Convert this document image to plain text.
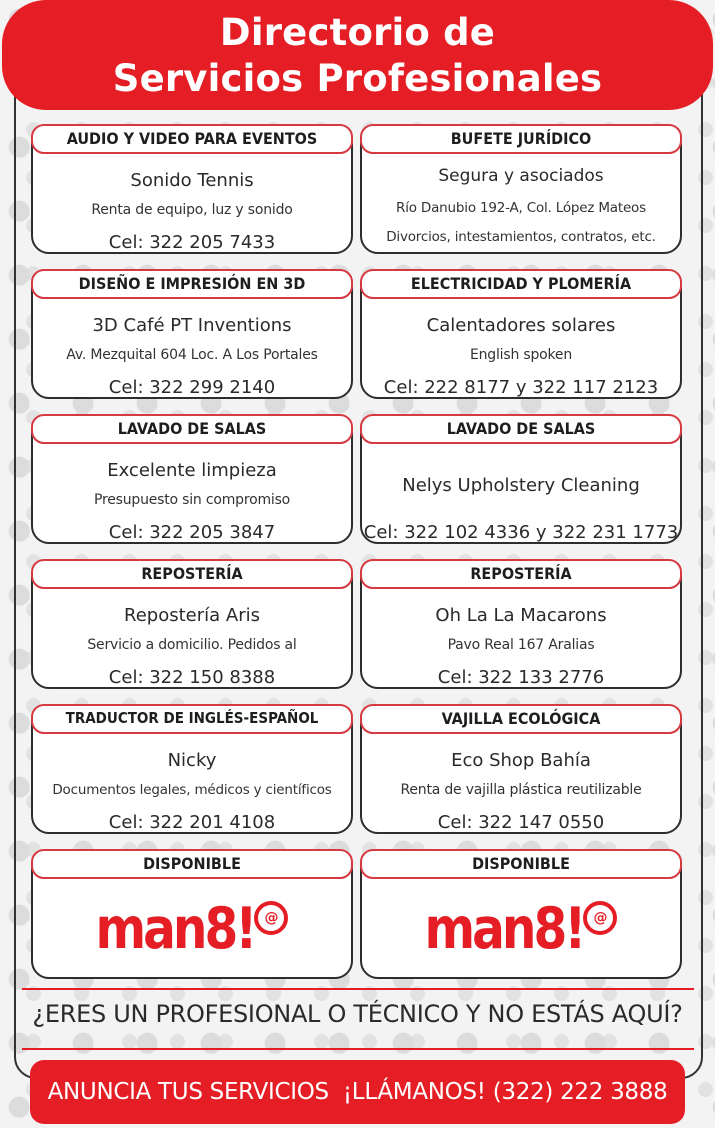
Directorio de
Servicios Profesionales
AUDIO Y VIDEO PARA EVENTOS
Sonido Tennis
Renta de equipo, luz y sonido
Cel: 322 205 7433
BUFETE JURÍDICO
Segura y asociados
Río Danubio 192-A, Col. López Mateos
Divorcios, intestamientos, contratos, etc.
DISEÑO E IMPRESIÓN EN 3D
3D Café PT Inventions
Av. Mezquital 604 Loc. A Los Portales
Cel: 322 299 2140
ELECTRICIDAD Y PLOMERÍA
Calentadores solares
English spoken
Cel: 222 8177 y 322 117 2123
LAVADO DE SALAS
Excelente limpieza
Presupuesto sin compromiso
Cel: 322 205 3847
LAVADO DE SALAS
Nelys Upholstery Cleaning
Cel: 322 102 4336 y 322 231 1773
REPOSTERÍA
Repostería Aris
Servicio a domicilio. Pedidos al
Cel: 322 150 8388
REPOSTERÍA
Oh La La Macarons
Pavo Real 167 Aralias
Cel: 322 133 2776
TRADUCTOR DE INGLÉS-ESPAÑOL
Nicky
Documentos legales, médicos y científicos
Cel: 322 201 4108
VAJILLA ECOLÓGICA
Eco Shop Bahía
Renta de vajilla plástica reutilizable
Cel: 322 147 0550
DISPONIBLE
man8! @
DISPONIBLE
man8! @
¿ERES UN PROFESIONAL O TÉCNICO Y NO ESTÁS AQUÍ?
ANUNCIA TUS SERVICIOS ¡LLÁMANOS! (322) 222 3888
